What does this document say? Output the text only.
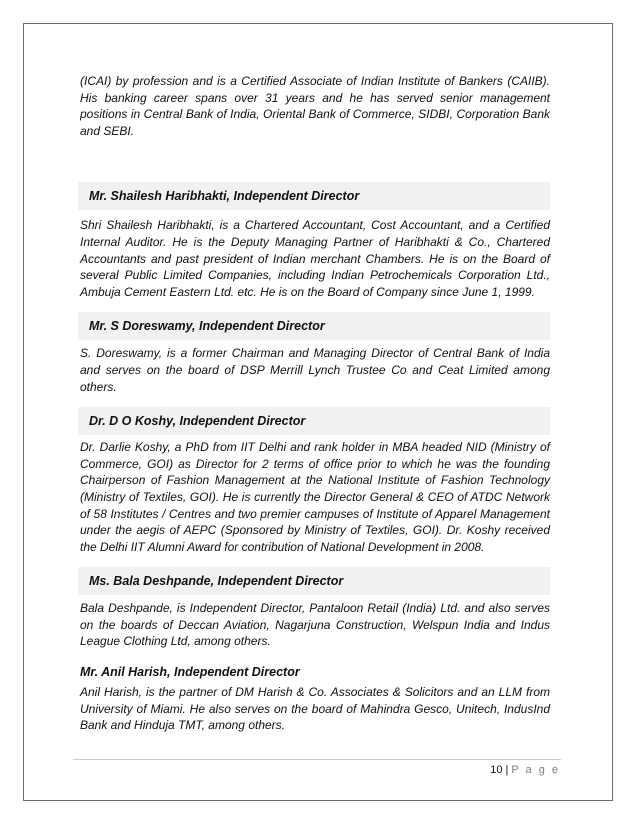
(ICAI) by profession and is a Certified Associate of Indian Institute of Bankers (CAIIB). His banking career spans over 31 years and he has served senior management positions in Central Bank of India, Oriental Bank of Commerce, SIDBI, Corporation Bank and SEBI.

Mr. Shailesh Haribhakti, Independent Director

Shri Shailesh Haribhakti, is a Chartered Accountant, Cost Accountant, and a Certified Internal Auditor. He is the Deputy Managing Partner of Haribhakti & Co., Chartered Accountants and past president of Indian merchant Chambers. He is on the Board of several Public Limited Companies, including Indian Petrochemicals Corporation Ltd., Ambuja Cement Eastern Ltd. etc. He is on the Board of Company since June 1, 1999.

Mr. S Doreswamy, Independent Director

S. Doreswamy, is a former Chairman and Managing Director of Central Bank of India and serves on the board of DSP Merrill Lynch Trustee Co and Ceat Limited among others.

Dr. D O Koshy, Independent Director

Dr. Darlie Koshy, a PhD from IIT Delhi and rank holder in MBA headed NID (Ministry of Commerce, GOI) as Director for 2 terms of office prior to which he was the founding Chairperson of Fashion Management at the National Institute of Fashion Technology (Ministry of Textiles, GOI). He is currently the Director General & CEO of ATDC Network of 58 Institutes / Centres and two premier campuses of Institute of Apparel Management under the aegis of AEPC (Sponsored by Ministry of Textiles, GOI). Dr. Koshy received the Delhi IIT Alumni Award for contribution of National Development in 2008.

Ms. Bala Deshpande, Independent Director

Bala Deshpande, is Independent Director, Pantaloon Retail (India) Ltd. and also serves on the boards of Deccan Aviation, Nagarjuna Construction, Welspun India and Indus League Clothing Ltd, among others.

Mr. Anil Harish, Independent Director

Anil Harish, is the partner of DM Harish & Co. Associates & Solicitors and an LLM from University of Miami. He also serves on the board of Mahindra Gesco, Unitech, IndusInd Bank and Hinduja TMT, among others.

10 | P a g e
